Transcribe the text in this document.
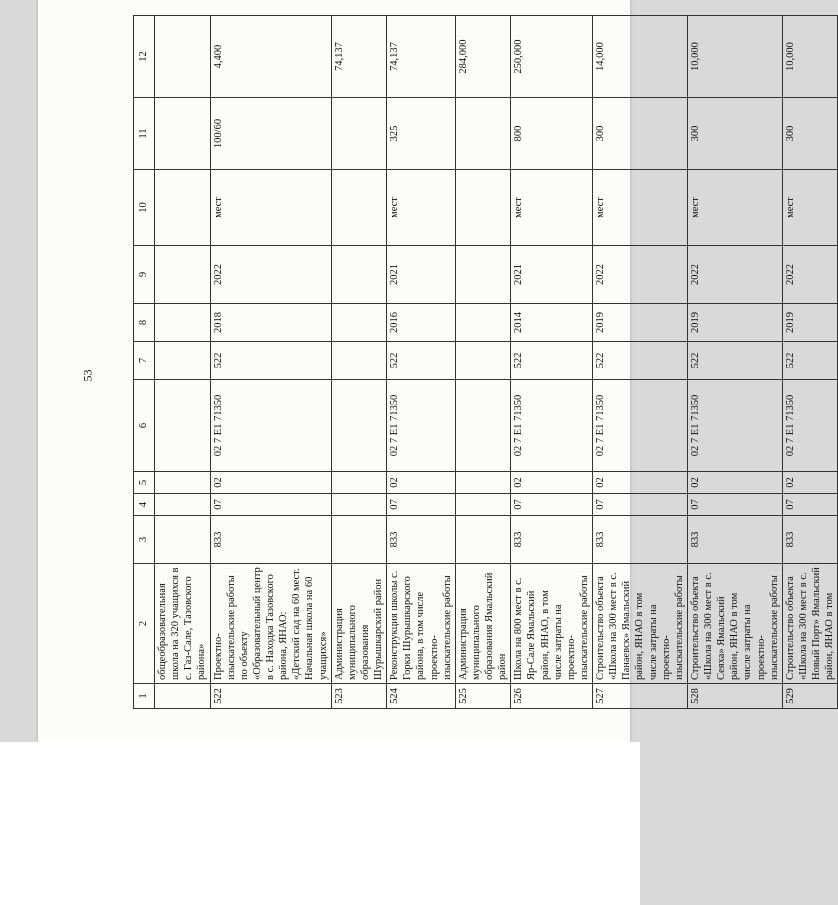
53
1	2	3	4	5	6	7	8	9	10	11	12
	общеобразовательная школа на 320 учащихся в с. Газ-Сале, Тазовского района»										
522	Проектно-изыскательские работы по объекту «Образовательный центр в с. Находка Тазовского района, ЯНАО: «Детский сад на 60 мест. Начальная школа на 60 учащихся»	833	07	02	02 7 E1 71350	522	2018	2022	мест	100/60	4,400
523	Администрация муниципального образования Шурышкарский район										74,137
524	Реконструкция школы с. Горки Шурышкарского района, в том числе проектно-изыскательские работы	833	07	02	02 7 E1 71350	522	2016	2021	мест	325	74,137
525	Администрация муниципального образования Ямальский район										284,000
526	Школа на 800 мест в с. Яр-Сале Ямальский район, ЯНАО, в том числе затраты на проектно-изыскательские работы	833	07	02	02 7 E1 71350	522	2014	2021	мест	800	250,000
527	Строительство объекта «Школа на 300 мест в с. Панаевск» Ямальский район, ЯНАО в том числе затраты на проектно-изыскательские работы	833	07	02	02 7 E1 71350	522	2019	2022	мест	300	14,000
528	Строительство объекта «Школа на 300 мест в с. Сеяха» Ямальский район, ЯНАО в том числе затраты на проектно-изыскательские работы	833	07	02	02 7 E1 71350	522	2019	2022	мест	300	10,000
529	Строительство объекта «Школа на 300 мест в с. Новый Порт» Ямальский район, ЯНАО в том	833	07	02	02 7 E1 71350	522	2019	2022	мест	300	10,000
